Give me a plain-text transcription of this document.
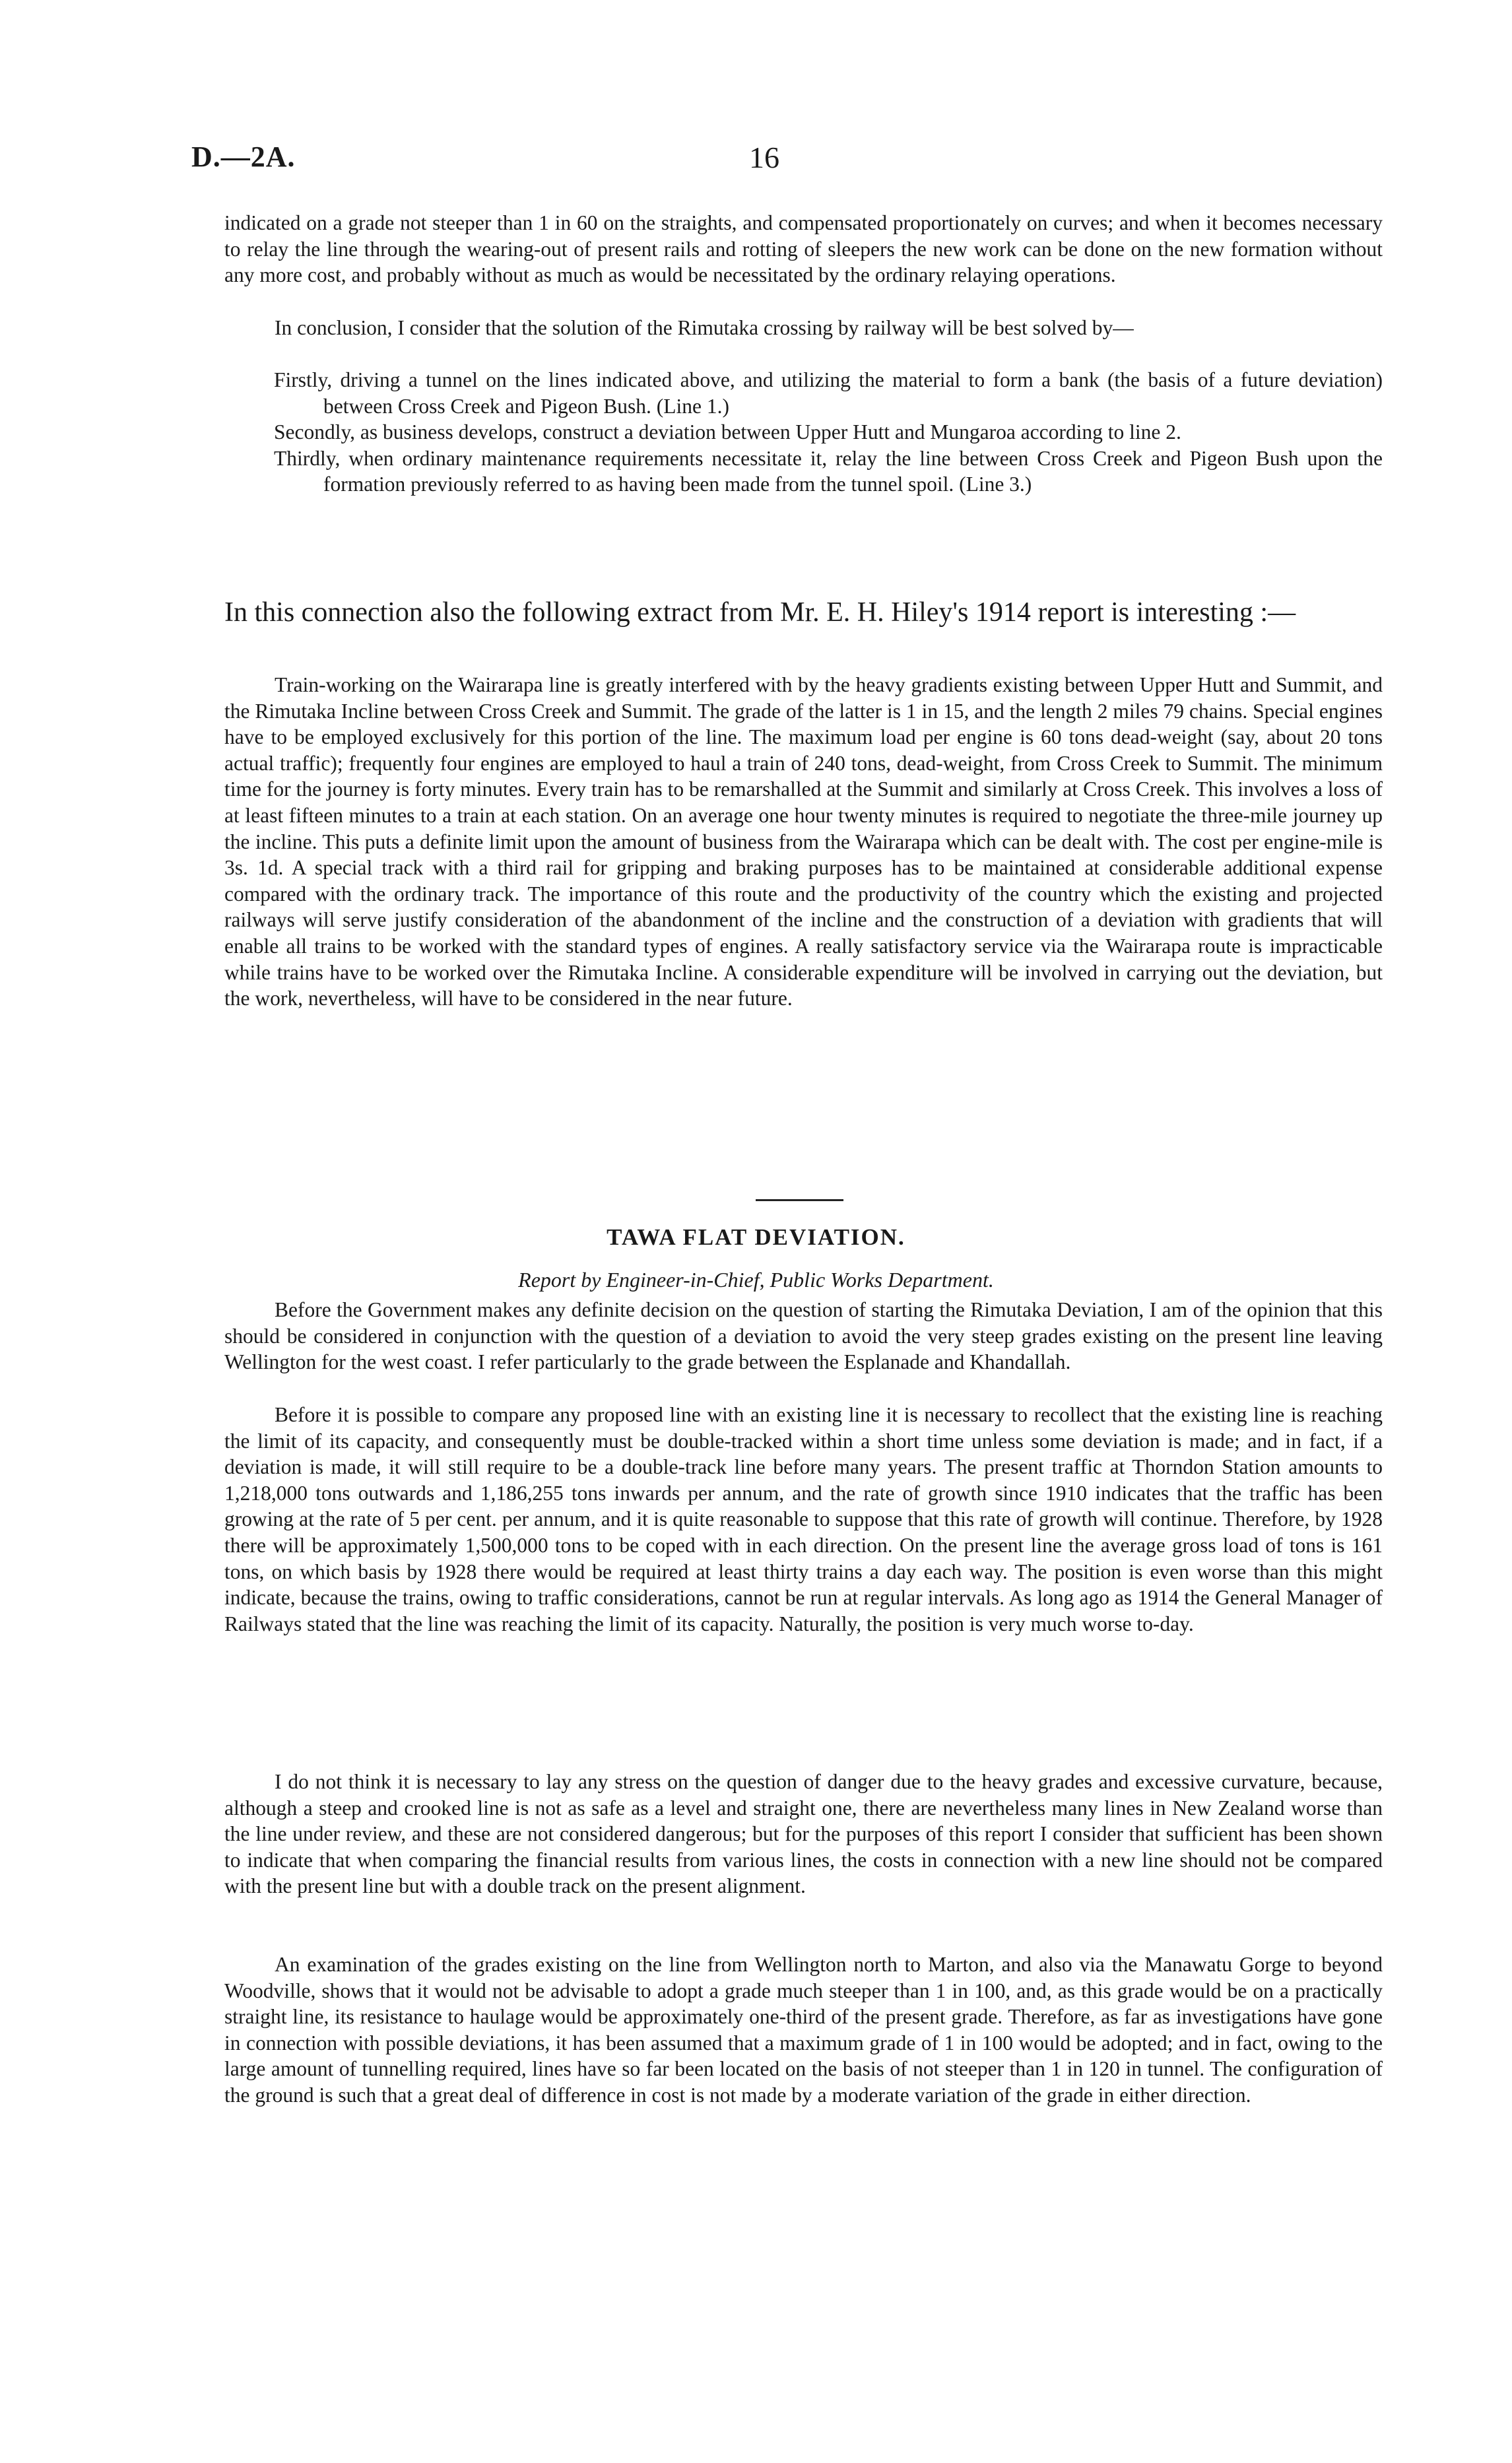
D.—2A.	16

indicated on a grade not steeper than 1 in 60 on the straights, and compensated proportionately on curves; and when it becomes necessary to relay the line through the wearing-out of present rails and rotting of sleepers the new work can be done on the new formation without any more cost, and probably without as much as would be necessitated by the ordinary relaying operations.

In conclusion, I consider that the solution of the Rimutaka crossing by railway will be best solved by—

Firstly, driving a tunnel on the lines indicated above, and utilizing the material to form a bank (the basis of a future deviation) between Cross Creek and Pigeon Bush. (Line 1.)
Secondly, as business develops, construct a deviation between Upper Hutt and Mungaroa according to line 2.
Thirdly, when ordinary maintenance requirements necessitate it, relay the line between Cross Creek and Pigeon Bush upon the formation previously referred to as having been made from the tunnel spoil. (Line 3.)

In this connection also the following extract from Mr. E. H. Hiley's 1914 report is interesting :—

Train-working on the Wairarapa line is greatly interfered with by the heavy gradients existing between Upper Hutt and Summit, and the Rimutaka Incline between Cross Creek and Summit. The grade of the latter is 1 in 15, and the length 2 miles 79 chains. Special engines have to be employed exclusively for this portion of the line. The maximum load per engine is 60 tons dead-weight (say, about 20 tons actual traffic); frequently four engines are employed to haul a train of 240 tons, dead-weight, from Cross Creek to Summit. The minimum time for the journey is forty minutes. Every train has to be remarshalled at the Summit and similarly at Cross Creek. This involves a loss of at least fifteen minutes to a train at each station. On an average one hour twenty minutes is required to negotiate the three-mile journey up the incline. This puts a definite limit upon the amount of business from the Wairarapa which can be dealt with. The cost per engine-mile is 3s. 1d. A special track with a third rail for gripping and braking purposes has to be maintained at considerable additional expense compared with the ordinary track. The importance of this route and the productivity of the country which the existing and projected railways will serve justify consideration of the abandonment of the incline and the construction of a deviation with gradients that will enable all trains to be worked with the standard types of engines. A really satisfactory service via the Wairarapa route is impracticable while trains have to be worked over the Rimutaka Incline. A considerable expenditure will be involved in carrying out the deviation, but the work, nevertheless, will have to be considered in the near future.

TAWA FLAT DEVIATION.

Report by Engineer-in-Chief, Public Works Department.

Before the Government makes any definite decision on the question of starting the Rimutaka Deviation, I am of the opinion that this should be considered in conjunction with the question of a deviation to avoid the very steep grades existing on the present line leaving Wellington for the west coast. I refer particularly to the grade between the Esplanade and Khandallah.

Before it is possible to compare any proposed line with an existing line it is necessary to recollect that the existing line is reaching the limit of its capacity, and consequently must be double-tracked within a short time unless some deviation is made; and in fact, if a deviation is made, it will still require to be a double-track line before many years. The present traffic at Thorndon Station amounts to 1,218,000 tons outwards and 1,186,255 tons inwards per annum, and the rate of growth since 1910 indicates that the traffic has been growing at the rate of 5 per cent. per annum, and it is quite reasonable to suppose that this rate of growth will continue. Therefore, by 1928 there will be approximately 1,500,000 tons to be coped with in each direction. On the present line the average gross load of tons is 161 tons, on which basis by 1928 there would be required at least thirty trains a day each way. The position is even worse than this might indicate, because the trains, owing to traffic considerations, cannot be run at regular intervals. As long ago as 1914 the General Manager of Railways stated that the line was reaching the limit of its capacity. Naturally, the position is very much worse to-day.

I do not think it is necessary to lay any stress on the question of danger due to the heavy grades and excessive curvature, because, although a steep and crooked line is not as safe as a level and straight one, there are nevertheless many lines in New Zealand worse than the line under review, and these are not considered dangerous; but for the purposes of this report I consider that sufficient has been shown to indicate that when comparing the financial results from various lines, the costs in connection with a new line should not be compared with the present line but with a double track on the present alignment.

An examination of the grades existing on the line from Wellington north to Marton, and also via the Manawatu Gorge to beyond Woodville, shows that it would not be advisable to adopt a grade much steeper than 1 in 100, and, as this grade would be on a practically straight line, its resistance to haulage would be approximately one-third of the present grade. Therefore, as far as investigations have gone in connection with possible deviations, it has been assumed that a maximum grade of 1 in 100 would be adopted; and in fact, owing to the large amount of tunnelling required, lines have so far been located on the basis of not steeper than 1 in 120 in tunnel. The configuration of the ground is such that a great deal of difference in cost is not made by a moderate variation of the grade in either direction.
